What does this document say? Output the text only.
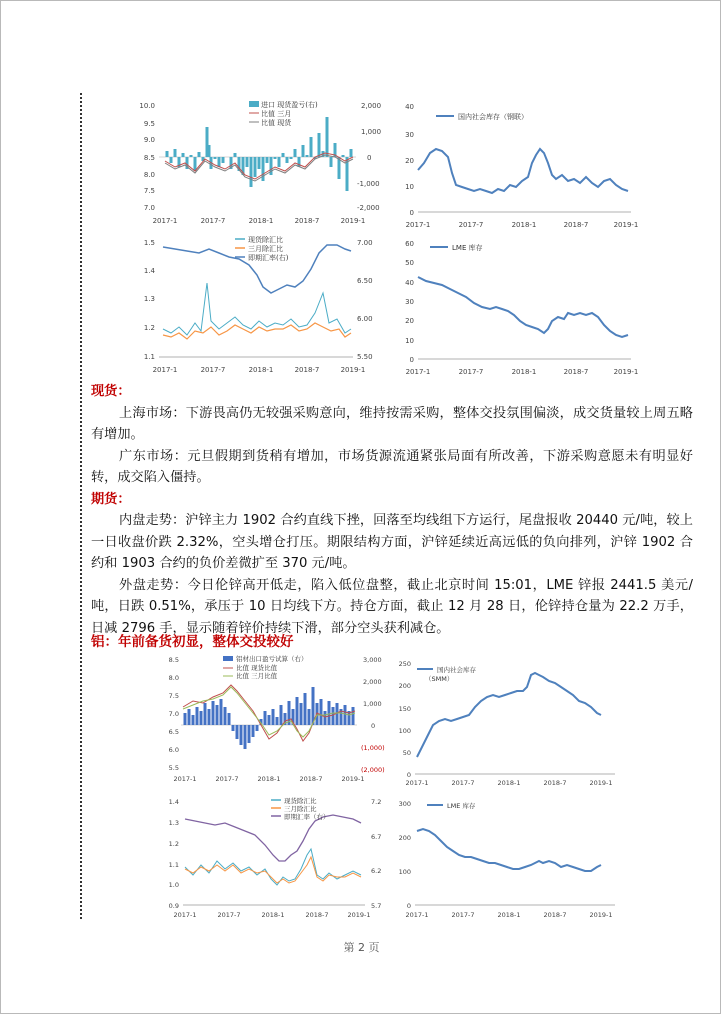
10.0
9.5
9.0
8.5
8.0
7.5
7.0
2,000
1,000
0
-1,000
-2,000
进口 现货盈亏(右)
比值 三月
比值 现货
2017-1	2017-7	2018-1	2018-7	2019-1
40
30
20
10
0
国内社会库存（钢联）
2017-1	2017-7	2018-1	2018-7	2019-1
1.5
1.4
1.3
1.2
1.1
7.00
6.50
6.00
5.50
现货除汇比
三月除汇比
即期汇率(右)
2017-1	2017-7	2018-1	2018-7	2019-1
60
50
40
30
20
10
0
LME 库存
2017-1	2017-7	2018-1	2018-7	2019-1
现货：

上海市场：下游畏高仍无较强采购意向，维持按需采购，整体交投氛围偏淡，成交货量较上周五略有增加。

广东市场：元旦假期到货稍有增加，市场货源流通紧张局面有所改善，下游采购意愿未有明显好转，成交陷入僵持。

期货：

内盘走势：沪锌主力 1902 合约直线下挫，回落至均线组下方运行，尾盘报收 20440 元/吨，较上一日收盘价跌 2.32%，空头增仓打压。期限结构方面，沪锌延续近高远低的负向排列，沪锌 1902 合约和 1903 合约的负价差微扩至 370 元/吨。

外盘走势：今日伦锌高开低走，陷入低位盘整，截止北京时间 15:01，LME 锌报 2441.5 美元/吨，日跌 0.51%，承压于 10 日均线下方。持仓方面，截止 12 月 28 日，伦锌持仓量为 22.2 万手，日减 2796 手，显示随着锌价持续下滑，部分空头获利减仓。

铝：年前备货初显，整体交投较好
8.5
8.0
7.5
7.0
6.5
6.0
5.5
3,000
2,000
1,000
0
(1,000)
(2,000)
铝材出口盈亏试算（右）
比值 现货比值
比值 三月比值
2017-1	2017-7	2018-1	2018-7	2019-1
250
200
150
100
50
0
国内社会库存
（SMM）
2017-1	2017-7	2018-1	2018-7	2019-1
1.4
1.3
1.2
1.1
1.0
0.9
7.2
6.7
6.2
5.7
现货除汇比
三月除汇比
即期汇率（右）
2017-1	2017-7	2018-1	2018-7	2019-1
300
200
100
0
LME 库存
2017-1	2017-7	2018-1	2018-7	2019-1
第 2 页
